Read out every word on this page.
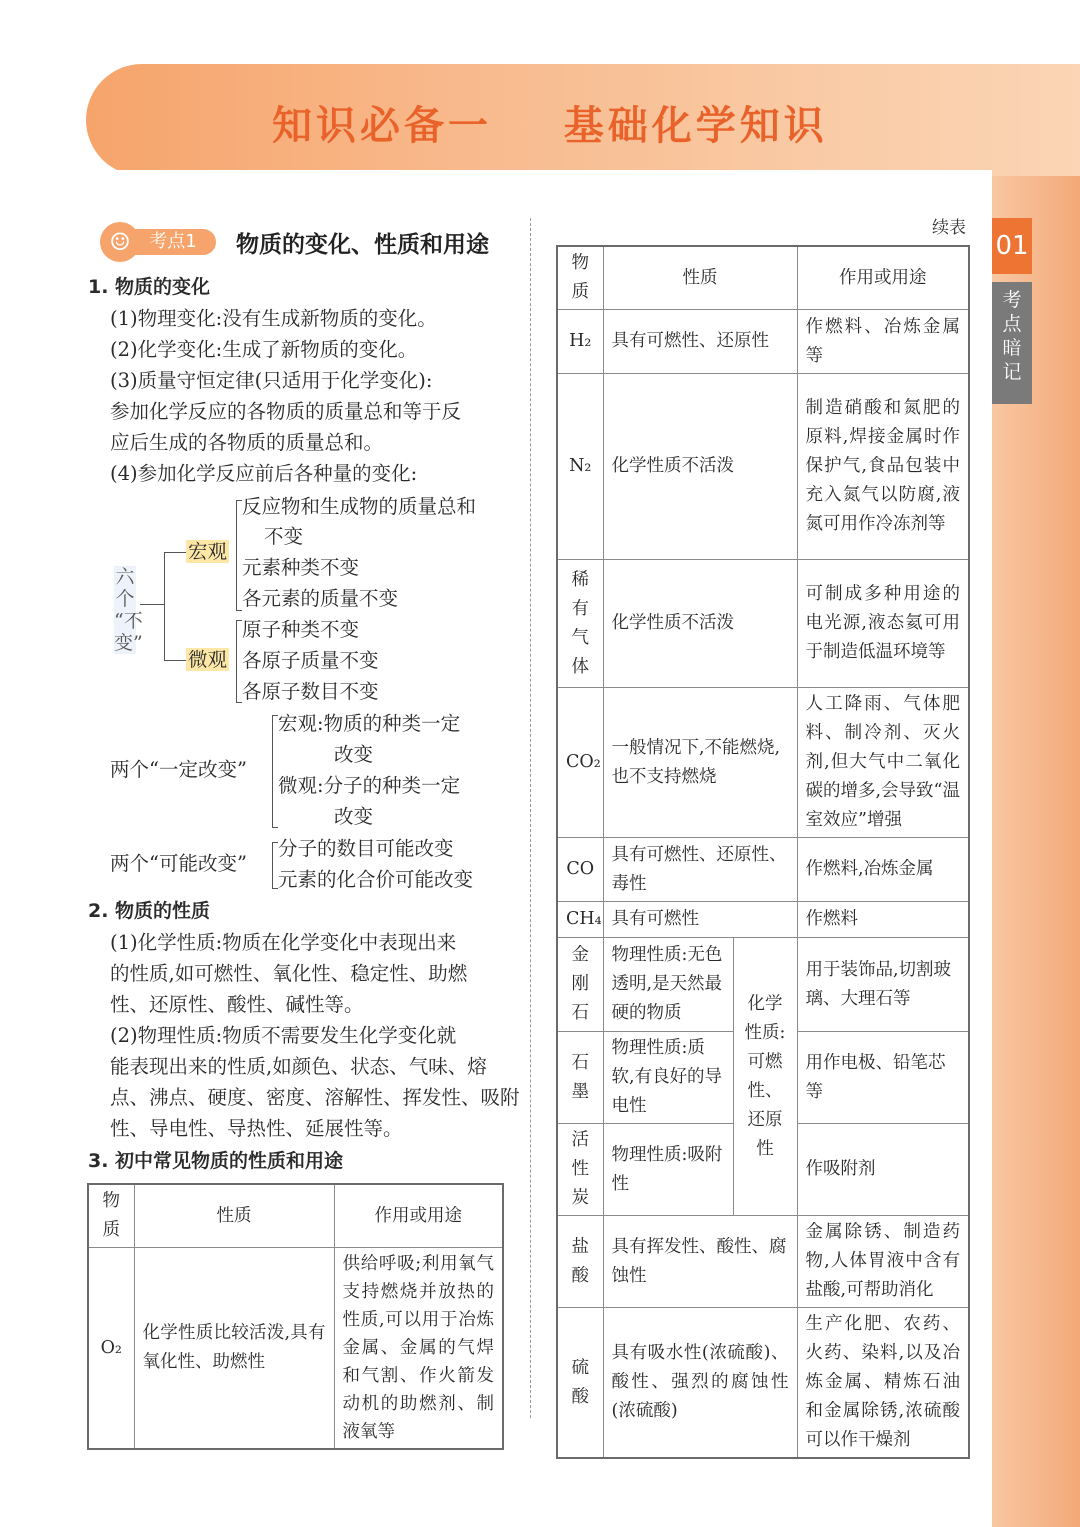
知识必备一    基础化学知识
01
考
点
暗
记
考点1
☺	物质的变化、性质和用途
1. 物质的变化
(1)物理变化:没有生成新物质的变化。
(2)化学变化:生成了新物质的变化。
(3)质量守恒定律(只适用于化学变化):
参加化学反应的各物质的质量总和等于反
应后生成的各物质的质量总和。
(4)参加化学反应前后各种量的变化:
六
个
“不
变”
宏观
微观
反应物和生成物的质量总和
不变
元素种类不变
各元素的质量不变
原子种类不变
各原子质量不变
各原子数目不变
两个“一定改变”
宏观:物质的种类一定
改变
微观:分子的种类一定
改变
两个“可能改变”
分子的数目可能改变
元素的化合价可能改变
2. 物质的性质
(1)化学性质:物质在化学变化中表现出来
的性质,如可燃性、氧化性、稳定性、助燃
性、还原性、酸性、碱性等。
(2)物理性质:物质不需要发生化学变化就
能表现出来的性质,如颜色、状态、气味、熔
点、沸点、硬度、密度、溶解性、挥发性、吸附
性、导电性、导热性、延展性等。
3. 初中常见物质的性质和用途
物质	性质	作用或用途
O₂	化学性质比较活泼,具有氧化性、助燃性	供给呼吸;利用氧气支持燃烧并放热的性质,可以用于冶炼金属、金属的气焊和气割、作火箭发动机的助燃剂、制液氧等
续表
物质	性质		作用或用途
H₂	具有可燃性、还原性		作燃料、冶炼金属等
N₂	化学性质不活泼		制造硝酸和氮肥的原料,焊接金属时作保护气,食品包装中充入氮气以防腐,液氮可用作冷冻剂等
稀有气体	化学性质不活泼		可制成多种用途的电光源,液态氦可用于制造低温环境等
CO₂	一般情况下,不能燃烧,也不支持燃烧		人工降雨、气体肥料、制冷剂、灭火剂,但大气中二氧化碳的增多,会导致“温室效应”增强
CO	具有可燃性、还原性、毒性		作燃料,冶炼金属
CH₄	具有可燃性		作燃料
金刚石	物理性质:无色透明,是天然最硬的物质	化学性质:可燃性、还原性	用于装饰品,切割玻璃、大理石等
石墨	物理性质:质软,有良好的导电性		用作电极、铅笔芯等
活性炭	物理性质:吸附性		作吸附剂
盐酸	具有挥发性、酸性、腐蚀性		金属除锈、制造药物,人体胃液中含有盐酸,可帮助消化
硫酸	具有吸水性(浓硫酸)、酸性、强烈的腐蚀性(浓硫酸)		生产化肥、农药、火药、染料,以及冶炼金属、精炼石油和金属除锈,浓硫酸可以作干燥剂
